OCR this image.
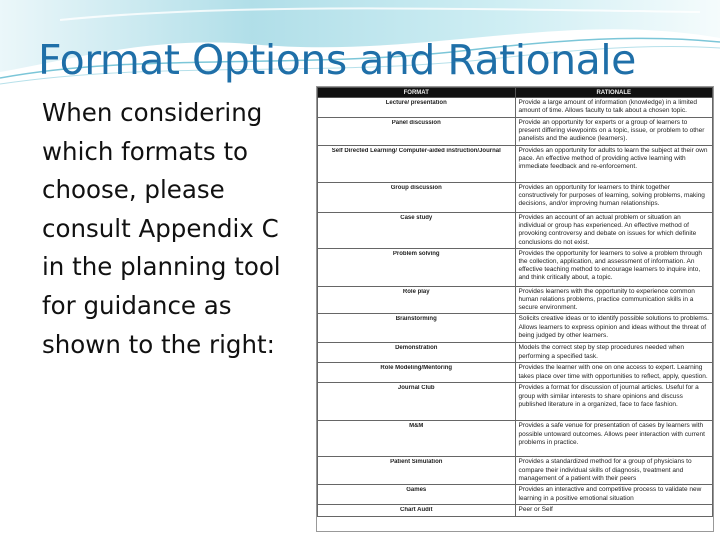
Format Options and Rationale
When considering
which formats to
choose, please
consult Appendix C
in the planning tool
for guidance as
shown to the right:
FORMAT	RATIONALE
Lecture/ presentation	Provide a large amount of information (knowledge) in a limited amount of time. Allows faculty to talk about a chosen topic.
Panel discussion	Provide an opportunity for experts or a group of learners to present differing viewpoints on a topic, issue, or problem to other panelists and the audience (learners).
Self Directed Learning/ Computer-aided instruction/Journal	Provides an opportunity for adults to learn the subject at their own pace. An effective method of providing active learning with immediate feedback and re-enforcement.
Group discussion	Provides an opportunity for learners to think together constructively for purposes of learning, solving problems, making decisions, and/or improving human relationships.
Case study	Provides an account of an actual problem or situation an individual or group has experienced. An effective method of provoking controversy and debate on issues for which definite conclusions do not exist.
Problem solving	Provides the opportunity for learners to solve a problem through the collection, application, and assessment of information. An effective teaching method to encourage learners to inquire into, and think critically about, a topic.
Role play	Provides learners with the opportunity to experience common human relations problems, practice communication skills in a secure environment.
Brainstorming	Solicits creative ideas or to identify possible solutions to problems. Allows learners to express opinion and ideas without the threat of being judged by other learners.
Demonstration	Models the correct step by step procedures needed when performing a specified task.
Role Modeling/Mentoring	Provides the learner with one on one access to expert. Learning takes place over time with opportunities to reflect, apply, question.
Journal Club	Provides a format for discussion of journal articles. Useful for a group with similar interests to share opinions and discuss published literature in a organized, face to face fashion.
M&M	Provides a safe venue for presentation of cases by learners with possible untoward outcomes. Allows peer interaction with current problems in practice.
Patient Simulation	Provides a standardized method for a group of physicians to compare their individual skills of diagnosis, treatment and management of a patient with their peers
Games	Provides an interactive and competitive process to validate new learning in a positive emotional situation
Chart Audit	Peer or Self
